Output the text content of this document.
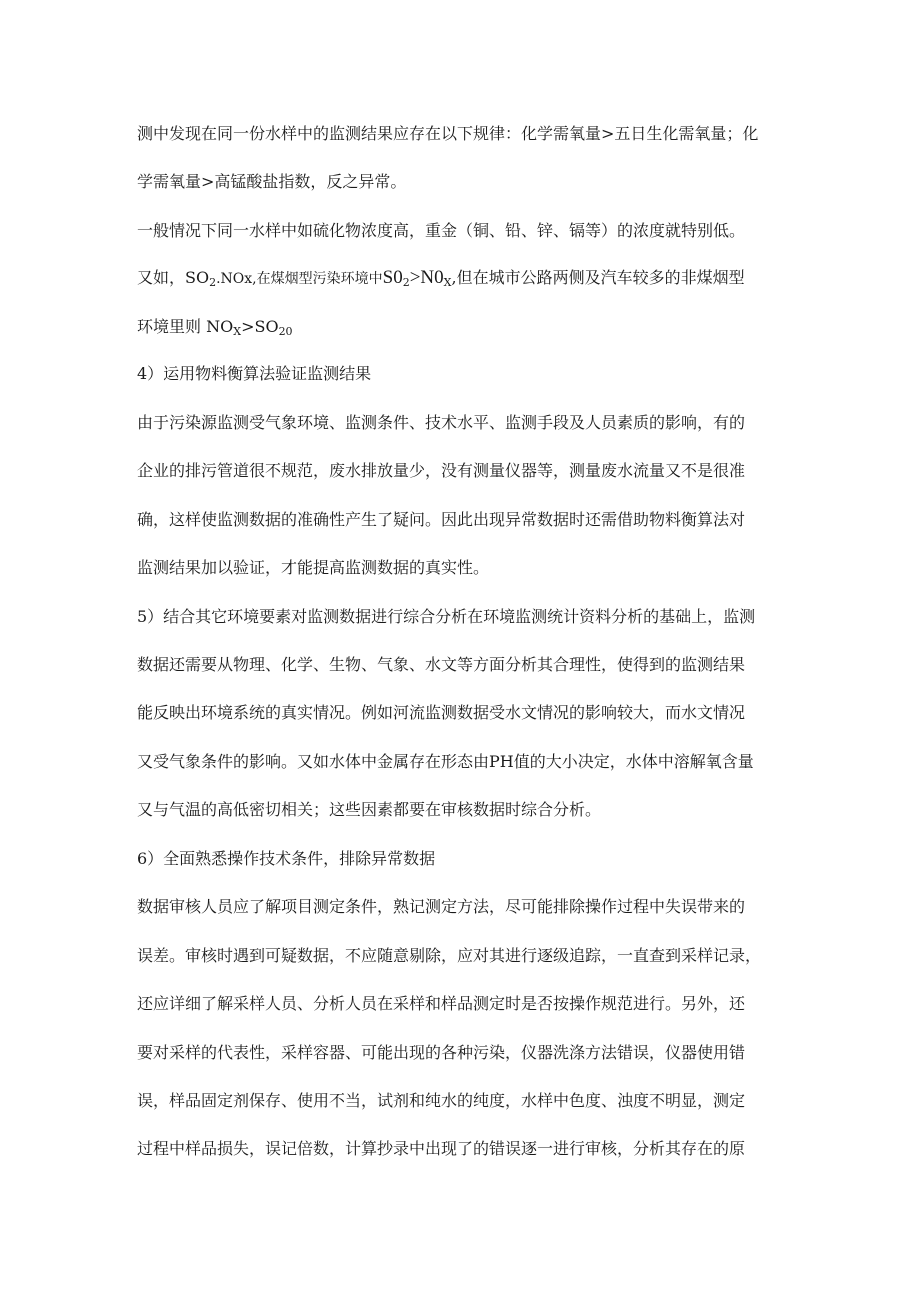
测中发现在同一份水样中的监测结果应存在以下规律：化学需氧量>五日生化需氧量；化
学需氧量>高锰酸盐指数，反之异常。
一般情况下同一水样中如硫化物浓度高，重金（铜、铅、锌、镉等）的浓度就特别低。
又如，$SO_2.NOx$,在煤烟型污染环境中$S0_2>N0_X$,但在城市公路两侧及汽车较多的非煤烟型
环境里则 $NO_X>SO_{20}$
4）运用物料衡算法验证监测结果
由于污染源监测受气象环境、监测条件、技术水平、监测手段及人员素质的影响，有的
企业的排污管道很不规范，废水排放量少，没有测量仪器等，测量废水流量又不是很准
确，这样使监测数据的准确性产生了疑问。因此出现异常数据时还需借助物料衡算法对
监测结果加以验证，才能提高监测数据的真实性。
5）结合其它环境要素对监测数据进行综合分析在环境监测统计资料分析的基础上，监测
数据还需要从物理、化学、生物、气象、水文等方面分析其合理性，使得到的监测结果
能反映出环境系统的真实情况。例如河流监测数据受水文情况的影响较大，而水文情况
又受气象条件的影响。又如水体中金属存在形态由PH值的大小决定，水体中溶解氧含量
又与气温的高低密切相关；这些因素都要在审核数据时综合分析。
6）全面熟悉操作技术条件，排除异常数据
数据审核人员应了解项目测定条件，熟记测定方法，尽可能排除操作过程中失误带来的
误差。审核时遇到可疑数据，不应随意剔除，应对其进行逐级追踪，一直查到采样记录，
还应详细了解采样人员、分析人员在采样和样品测定时是否按操作规范进行。另外，还
要对采样的代表性，采样容器、可能出现的各种污染，仪器洗涤方法错误，仪器使用错
误，样品固定剂保存、使用不当，试剂和纯水的纯度，水样中色度、浊度不明显，测定
过程中样品损失，误记倍数，计算抄录中出现了的错误逐一进行审核，分析其存在的原
